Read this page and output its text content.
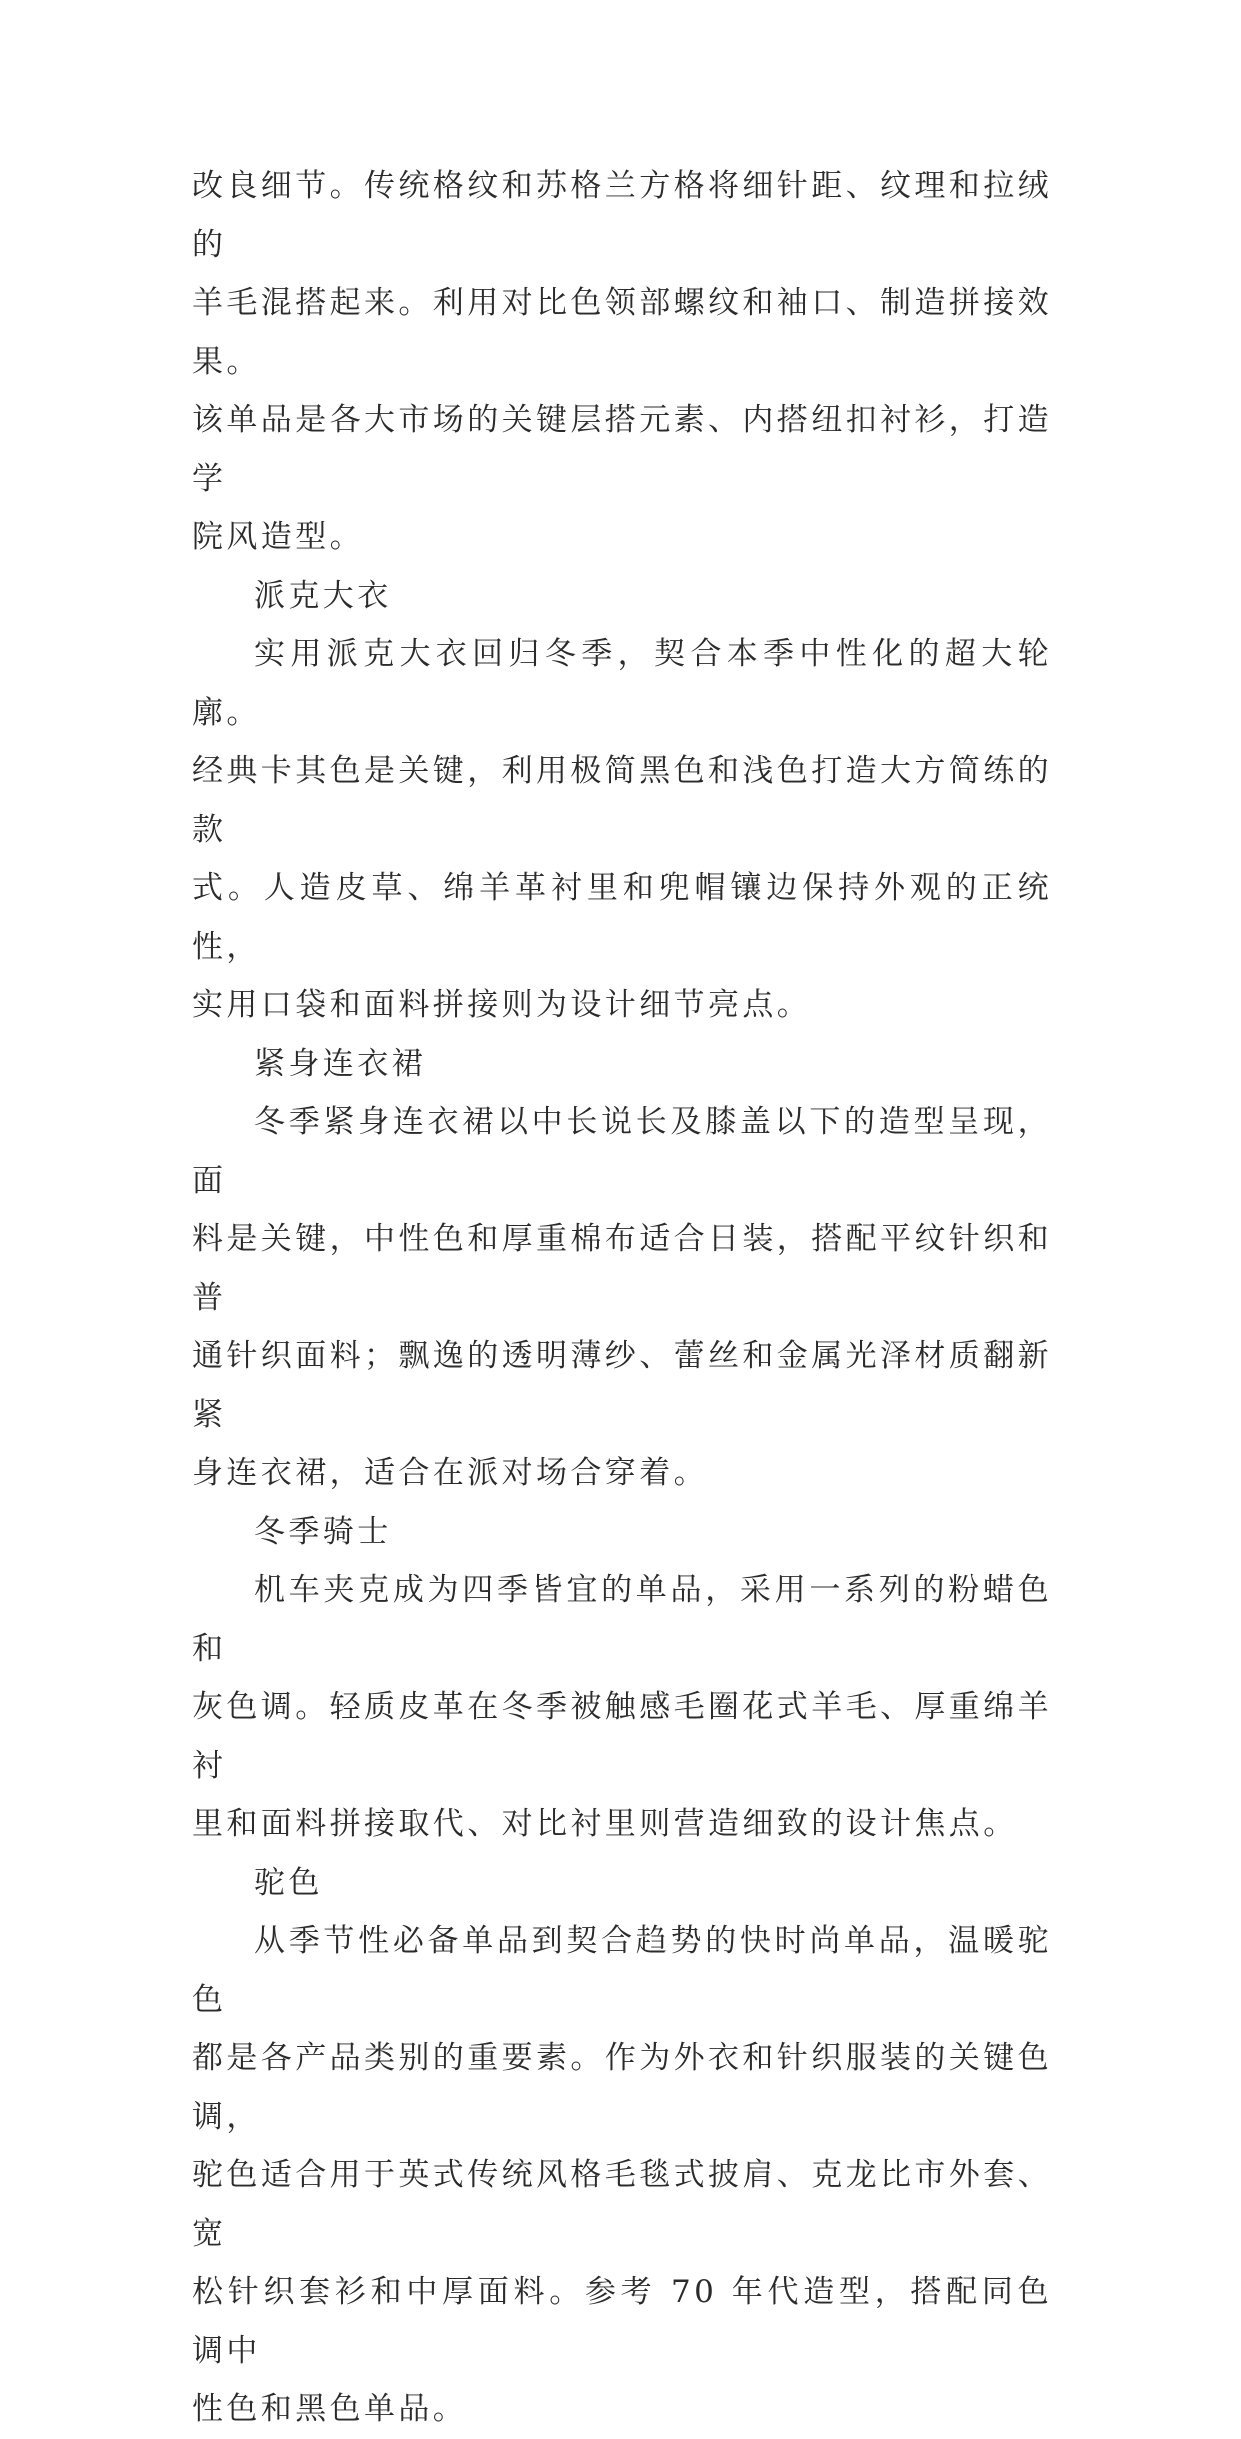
改良细节。传统格纹和苏格兰方格将细针距、纹理和拉绒的
羊毛混搭起来。利用对比色领部螺纹和袖口、制造拼接效果。
该单品是各大市场的关键层搭元素、内搭纽扣衬衫，打造学
院风造型。

派克大衣

实用派克大衣回归冬季，契合本季中性化的超大轮廓。
经典卡其色是关键，利用极简黑色和浅色打造大方简练的款
式。人造皮草、绵羊革衬里和兜帽镶边保持外观的正统性，
实用口袋和面料拼接则为设计细节亮点。

紧身连衣裙

冬季紧身连衣裙以中长说长及膝盖以下的造型呈现，面
料是关键，中性色和厚重棉布适合日装，搭配平纹针织和普
通针织面料；飘逸的透明薄纱、蕾丝和金属光泽材质翻新紧
身连衣裙，适合在派对场合穿着。

冬季骑士

机车夹克成为四季皆宜的单品，采用一系列的粉蜡色和
灰色调。轻质皮革在冬季被触感毛圈花式羊毛、厚重绵羊衬
里和面料拼接取代、对比衬里则营造细致的设计焦点。

驼色

从季节性必备单品到契合趋势的快时尚单品，温暖驼色
都是各产品类别的重要素。作为外衣和针织服装的关键色调，
驼色适合用于英式传统风格毛毯式披肩、克龙比市外套、宽
松针织套衫和中厚面料。参考 70 年代造型，搭配同色调中
性色和黑色单品。
